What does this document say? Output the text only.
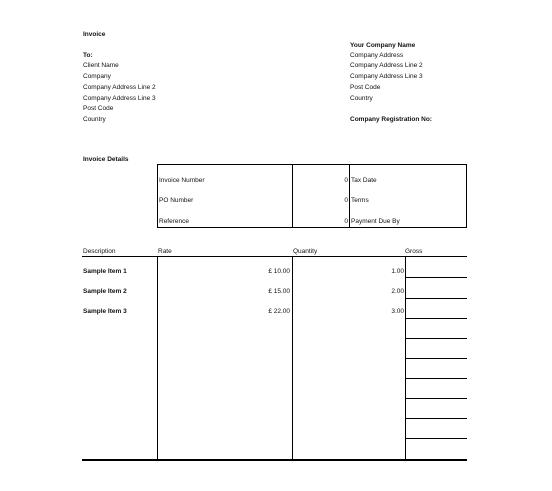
Invoice
To:
Client Name
Company
Company Address Line 2
Company Address Line 3
Post Code
Country
Your Company Name
Company Address
Company Address Line 2
Company Address Line 3
Post Code
Country
Company Registration No:
Invoice Details
Invoice Number	0 Tax Date
PO Number	0 Terms
Reference	0 Payment Due By
Description	Rate	Quantity	Gross
Sample Item 1	£ 10.00	1.00
Sample Item 2	£ 15.00	2.00
Sample Item 3	£ 22.00	3.00
